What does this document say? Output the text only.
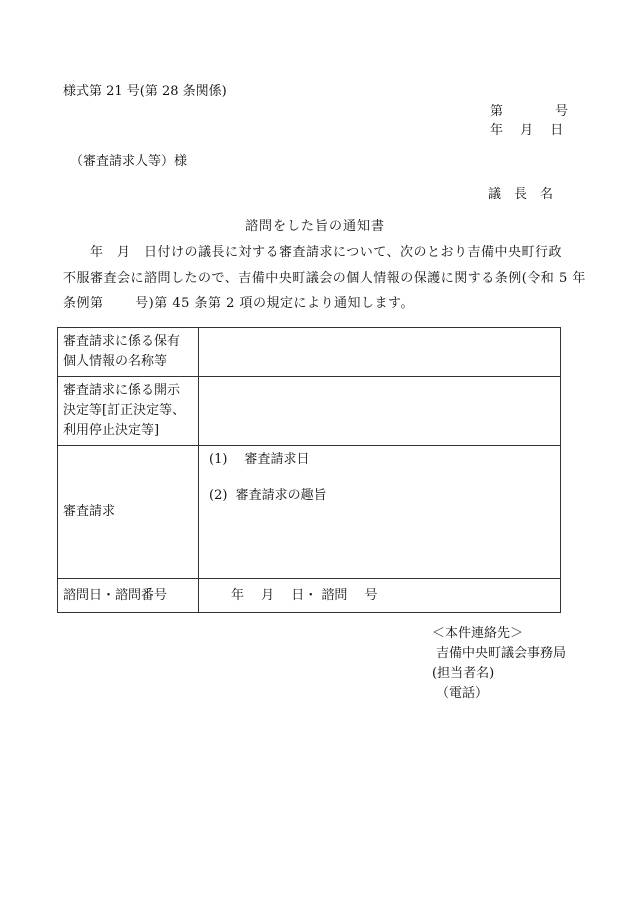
様式第 21 号(第 28 条関係)
第　　　　号
年　 月　 日
（審査請求人等）様
議　長　名
諮問をした旨の通知書
　　年　月　日付けの議長に対する審査請求について、次のとおり吉備中央町行政
不服審査会に諮問したので、吉備中央町議会の個人情報の保護に関する条例(令和 5 年
条例第　　 号)第 45 条第 2 項の規定により通知します。
審査請求に係る保有
個人情報の名称等	

審査請求に係る開示
決定等[訂正決定等、
利用停止決定等]	

審査請求	(1)　 審査請求日
(2)  審査請求の趣旨

諮問日・諮問番号	年　 月　 日・ 諮問　 号
＜本件連絡先＞
吉備中央町議会事務局
(担当者名)
（電話）
